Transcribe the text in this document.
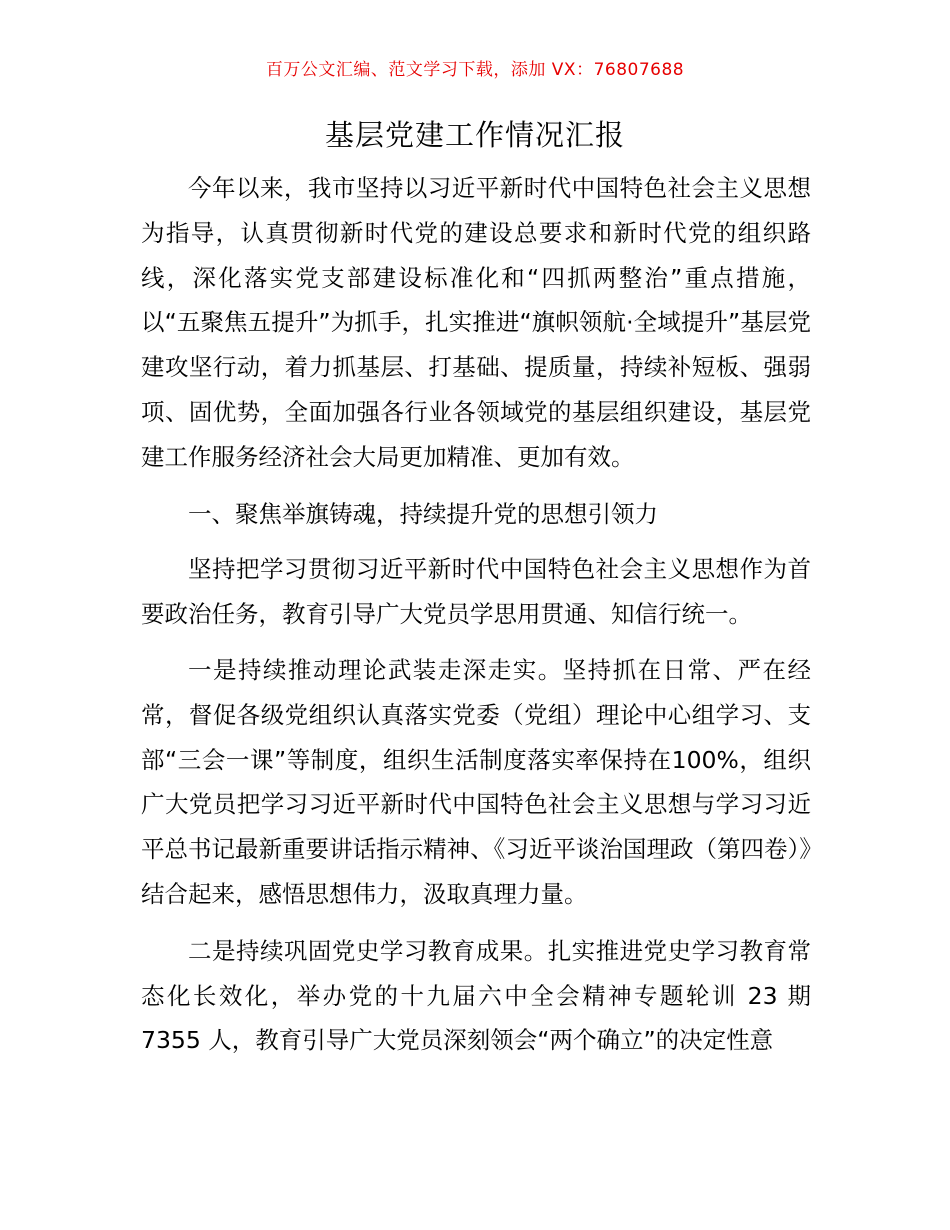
百万公文汇编、范文学习下载，添加 VX：76807688
基层党建工作情况汇报

今年以来，我市坚持以习近平新时代中国特色社会主义思想为指导，认真贯彻新时代党的建设总要求和新时代党的组织路线，深化落实党支部建设标准化和“四抓两整治”重点措施，以“五聚焦五提升”为抓手，扎实推进“旗帜领航·全域提升”基层党建攻坚行动，着力抓基层、打基础、提质量，持续补短板、强弱项、固优势，全面加强各行业各领域党的基层组织建设，基层党建工作服务经济社会大局更加精准、更加有效。

一、聚焦举旗铸魂，持续提升党的思想引领力

坚持把学习贯彻习近平新时代中国特色社会主义思想作为首要政治任务，教育引导广大党员学思用贯通、知信行统一。

一是持续推动理论武装走深走实。坚持抓在日常、严在经常，督促各级党组织认真落实党委（党组）理论中心组学习、支部“三会一课”等制度，组织生活制度落实率保持在100%，组织广大党员把学习习近平新时代中国特色社会主义思想与学习习近平总书记最新重要讲话指示精神、《习近平谈治国理政（第四卷）》结合起来，感悟思想伟力，汲取真理力量。

二是持续巩固党史学习教育成果。扎实推进党史学习教育常态化长效化，举办党的十九届六中全会精神专题轮训 23 期 7355 人，教育引导广大党员深刻领会“两个确立”的决定性意
